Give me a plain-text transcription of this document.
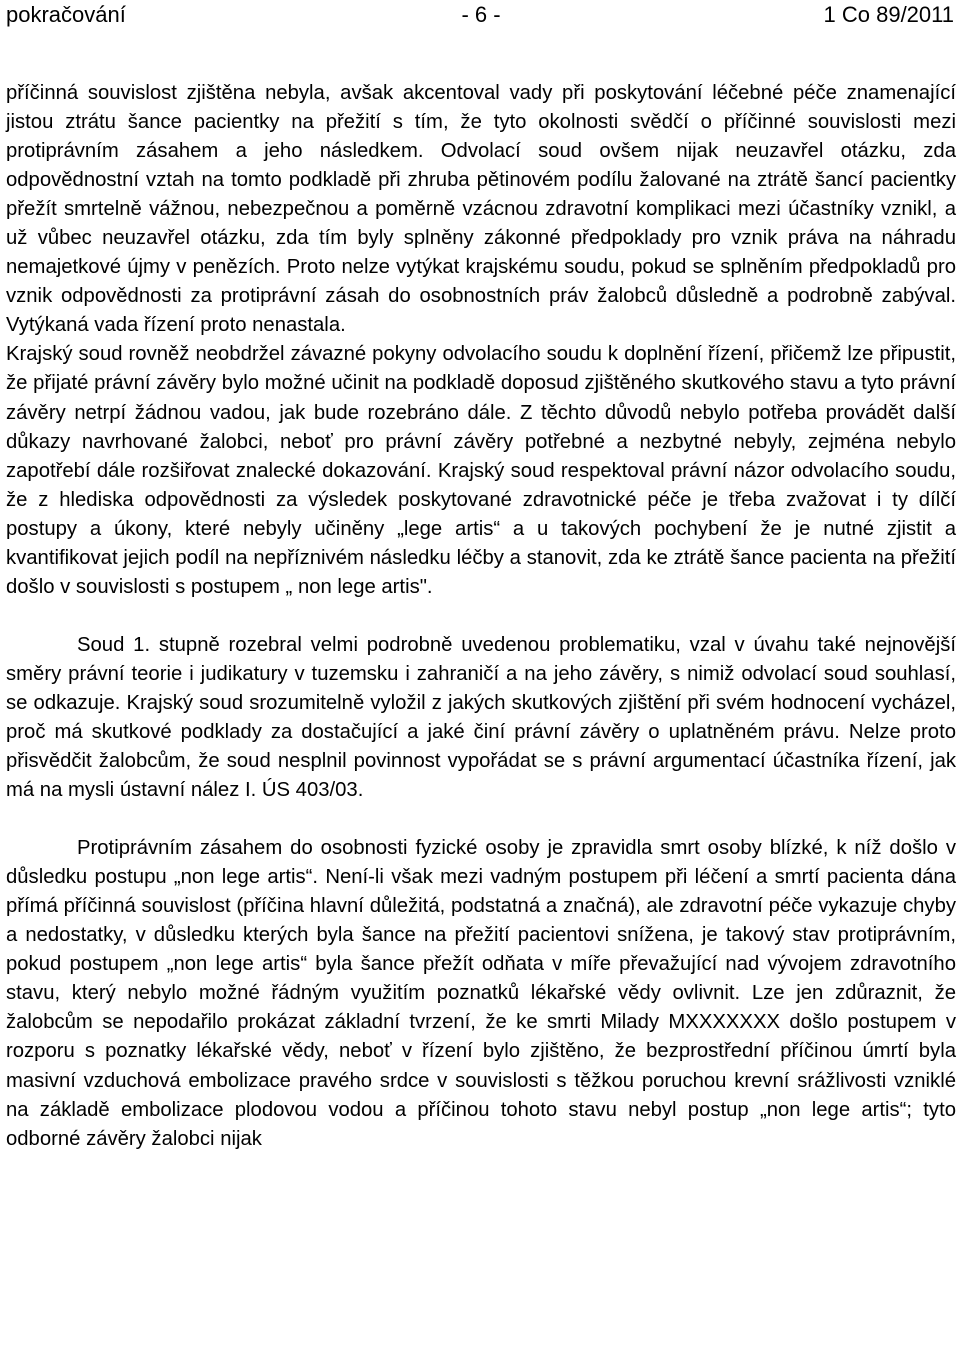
pokračování	- 6 -	1 Co 89/2011

příčinná souvislost zjištěna nebyla, avšak akcentoval vady při poskytování léčebné péče znamenající jistou ztrátu šance pacientky na přežití s tím, že tyto okolnosti svědčí o příčinné souvislosti mezi protiprávním zásahem a jeho následkem. Odvolací soud ovšem nijak neuzavřel otázku, zda odpovědnostní vztah na tomto podkladě při zhruba pětinovém podílu žalované na ztrátě šancí pacientky přežít smrtelně vážnou, nebezpečnou a poměrně vzácnou zdravotní komplikaci mezi účastníky vznikl, a už vůbec neuzavřel otázku, zda tím byly splněny zákonné předpoklady pro vznik práva na náhradu nemajetkové újmy v penězích. Proto nelze vytýkat krajskému soudu, pokud se splněním předpokladů pro vznik odpovědnosti za protiprávní zásah do osobnostních práv žalobců důsledně a podrobně zabýval. Vytýkaná vada řízení proto nenastala.

Krajský soud rovněž neobdržel závazné pokyny odvolacího soudu k doplnění řízení, přičemž lze připustit, že přijaté právní závěry bylo možné učinit na podkladě doposud zjištěného skutkového stavu a tyto právní závěry netrpí žádnou vadou, jak bude rozebráno dále. Z těchto důvodů nebylo potřeba provádět další důkazy navrhované žalobci, neboť pro právní závěry potřebné a nezbytné nebyly, zejména nebylo zapotřebí dále rozšiřovat znalecké dokazování. Krajský soud respektoval právní názor odvolacího soudu, že z hlediska odpovědnosti za výsledek poskytované zdravotnické péče je třeba zvažovat i ty dílčí postupy a úkony, které nebyly učiněny „lege artis“ a u takových pochybení že je nutné zjistit a kvantifikovat jejich podíl na nepříznivém následku léčby a stanovit, zda ke ztrátě šance pacienta na přežití došlo v souvislosti s postupem „ non lege artis".

Soud 1. stupně rozebral velmi podrobně uvedenou problematiku, vzal v úvahu také nejnovější směry právní teorie i judikatury v tuzemsku i zahraničí a na jeho závěry, s nimiž odvolací soud souhlasí, se odkazuje. Krajský soud srozumitelně vyložil z jakých skutkových zjištění při svém hodnocení vycházel, proč má skutkové podklady za dostačující a jaké činí právní závěry o uplatněném právu. Nelze proto přisvědčit žalobcům, že soud nesplnil povinnost vypořádat se s právní argumentací účastníka řízení, jak má na mysli ústavní nález I. ÚS 403/03.

Protiprávním zásahem do osobnosti fyzické osoby je zpravidla smrt osoby blízké, k níž došlo v důsledku postupu „non lege artis“. Není-li však mezi vadným postupem při léčení a smrtí pacienta dána přímá příčinná souvislost (příčina hlavní důležitá, podstatná a značná), ale zdravotní péče vykazuje chyby a nedostatky, v důsledku kterých byla šance na přežití pacientovi snížena, je takový stav protiprávním, pokud postupem „non lege artis“ byla šance přežít odňata v míře převažující nad vývojem zdravotního stavu, který nebylo možné řádným využitím poznatků lékařské vědy ovlivnit. Lze jen zdůraznit, že žalobcům se nepodařilo prokázat základní tvrzení, že ke smrti Milady MXXXXXXX došlo postupem v rozporu s poznatky lékařské vědy, neboť v řízení bylo zjištěno, že bezprostřední příčinou úmrtí byla masivní vzduchová embolizace pravého srdce v souvislosti s těžkou poruchou krevní srážlivosti vzniklé na základě embolizace plodovou vodou a příčinou tohoto stavu nebyl postup „non lege artis“; tyto odborné závěry žalobci nijak
